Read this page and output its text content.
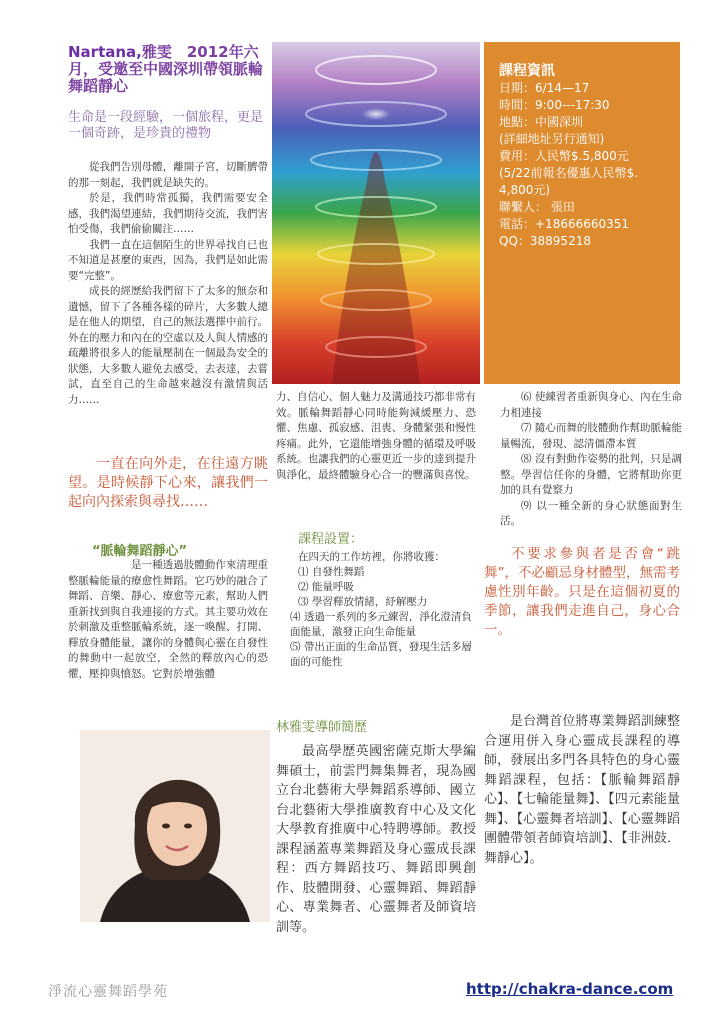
Nartana,雅雯　2012年六月，受邀至中國深圳帶領脈輪舞蹈靜心
生命是一段經驗，一個旅程，更是一個奇跡，是珍貴的禮物

從我們告別母體，離開子宮，切斷臍帶的那一刻起，我們就是缺失的。

於是，我們時常孤獨，我們需要安全感，我們渴望連結，我們期待交流，我們害怕受傷，我們偷偷關注……

我們一直在這個陌生的世界尋找自已也不知道是甚麼的東西，因為，我們是如此需要“完整”。

成長的經歷給我們留下了太多的無奈和遺憾，留下了各種各樣的碎片，大多數人總是在他人的期望，自己的無法選擇中前行。外在的壓力和內在的空虛以及人與人情感的疏離將很多人的能量壓制在一個最為安全的狀態，大多數人避免去感受，去表達，去嘗試，直至自己的生命越來越沒有激情與活力……

一直在向外走，在往遠方眺望。是時候靜下心來，讓我們一起向內探索與尋找……
“脈輪舞蹈靜心”

是一種透過肢體動作來清理重整脈輪能量的療愈性舞蹈。它巧妙的融合了舞蹈、音樂、靜心、療愈等元素，幫助人們重新找到與自我連接的方式。其主要功效在於刺激及重整脈輪系統，逐一喚醒、打開、釋放身體能量，讓你的身體與心靈在自發性的舞動中一起放空，全然的釋放內心的恐懼，壓抑與憤怒。它對於增強體

課程資訊
日期：6/14—17
時間：9:00---17:30
地點：中國深圳
(詳細地址另行通知)
費用：人民幣$.5,800元
(5/22前報名優惠人民幣$. 4,800元)
聯繫人： 張田
電話：+18666660351
QQ：38895218

力、自信心、個人魅力及溝通技巧都非常有效。脈輪舞蹈靜心同時能夠減緩壓力、恐懼、焦慮、孤寂感、沮喪、身體緊張和慢性疼痛。此外，它還能增強身體的循環及呼吸系統。也讓我們的心靈更近一步的達到提升與淨化，最終體驗身心合一的豐滿與喜悅。

⑹ 使練習者重新與身心、內在生命力相連接

⑺ 隨心而舞的肢體動作幫助脈輪能量暢流，發現、認清僵滯本質

⑻ 沒有對動作姿勢的批判，只是調整。學習信任你的身體，它將幫助你更加的具有覺察力

⑼ 以一種全新的身心狀態面對生活。

課程設置：

在四天的工作坊裡，你將收獲：

⑴ 自發性舞蹈

⑵ 能量呼吸

⑶ 學習釋放情緒，紓解壓力

⑷ 透過一系列的多元練習，淨化澄清負面能量，激發正向生命能量

⑸ 帶出正面的生命品質，發現生活多層面的可能性

不要求參與者是否會“跳舞”，不必顧忌身材體型，無需考慮性別年齡。只是在這個初夏的季節，讓我們走進自己，身心合一。
林雅雯導師簡歷
最高學歷英國密薩克斯大學編舞碩士，前雲門舞集舞者，現為國立台北藝術大學舞蹈系導師、國立台北藝術大學推廣教育中心及文化大學教育推廣中心特聘導師。教授課程涵蓋專業舞蹈及身心靈成長課程：西方舞蹈技巧、舞蹈即興創作、肢體開發、心靈舞蹈、舞蹈靜心、專業舞者、心靈舞者及師資培訓等。
是台灣首位將專業舞蹈訓練整合運用併入身心靈成長課程的導師，發展出多門各具特色的身心靈舞蹈課程，包括：【脈輪舞蹈靜心】、【七輪能量舞】、【四元素能量舞】、【心靈舞者培訓】、【心靈舞蹈團體帶領者師資培訓】、【非洲鼓．舞靜心】。
淨流心靈舞蹈學苑	http://chakra-dance.com
